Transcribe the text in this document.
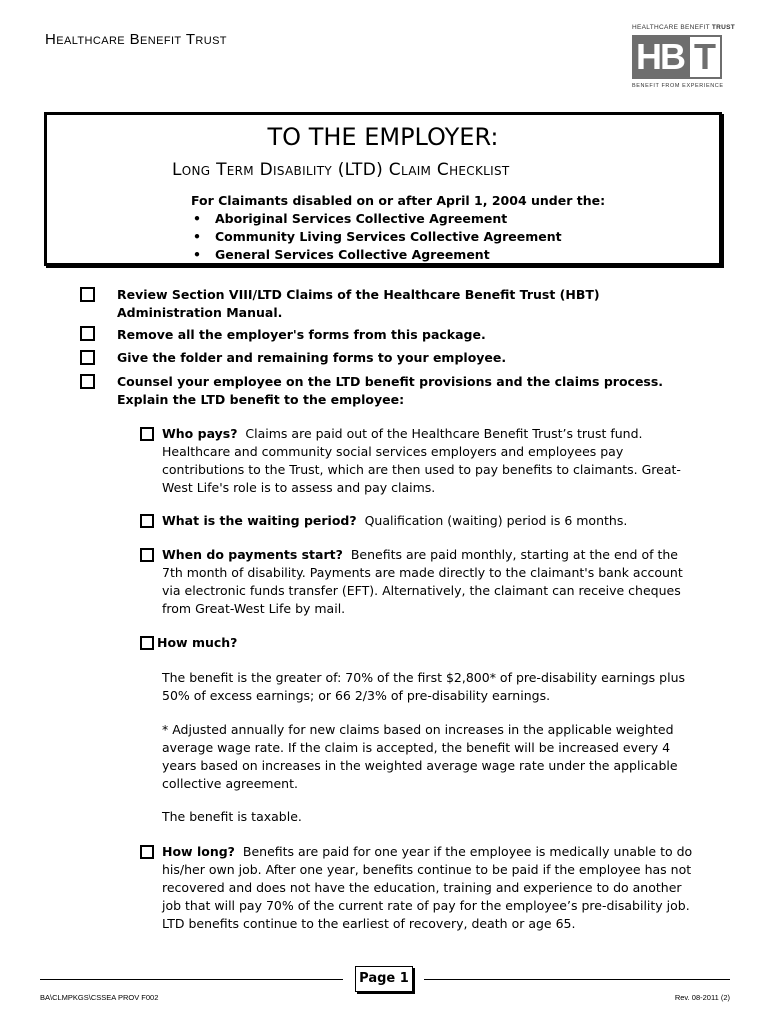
Healthcare Benefit Trust
HEALTHCARE BENEFIT TRUST
HB T
BENEFIT FROM EXPERIENCE
TO THE EMPLOYER:
Long Term Disability (LTD) Claim Checklist
For Claimants disabled on or after April 1, 2004 under the:
• Aboriginal Services Collective Agreement
• Community Living Services Collective Agreement
• General Services Collective Agreement
Review Section VIII/LTD Claims of the Healthcare Benefit Trust (HBT) Administration Manual.
Remove all the employer's forms from this package.
Give the folder and remaining forms to your employee.
Counsel your employee on the LTD benefit provisions and the claims process. Explain the LTD benefit to the employee:
Who pays? Claims are paid out of the Healthcare Benefit Trust’s trust fund. Healthcare and community social services employers and employees pay contributions to the Trust, which are then used to pay benefits to claimants. Great-West Life's role is to assess and pay claims.
What is the waiting period? Qualification (waiting) period is 6 months.
When do payments start? Benefits are paid monthly, starting at the end of the 7th month of disability. Payments are made directly to the claimant's bank account via electronic funds transfer (EFT). Alternatively, the claimant can receive cheques from Great-West Life by mail.
How much?
The benefit is the greater of: 70% of the first $2,800* of pre-disability earnings plus 50% of excess earnings; or 66 2/3% of pre-disability earnings.
* Adjusted annually for new claims based on increases in the applicable weighted average wage rate. If the claim is accepted, the benefit will be increased every 4 years based on increases in the weighted average wage rate under the applicable collective agreement.
The benefit is taxable.
How long? Benefits are paid for one year if the employee is medically unable to do his/her own job. After one year, benefits continue to be paid if the employee has not recovered and does not have the education, training and experience to do another job that will pay 70% of the current rate of pay for the employee’s pre-disability job. LTD benefits continue to the earliest of recovery, death or age 65.
Page 1
BA\CLMPKGS\CSSEA PROV F002	Rev. 08-2011 (2)
